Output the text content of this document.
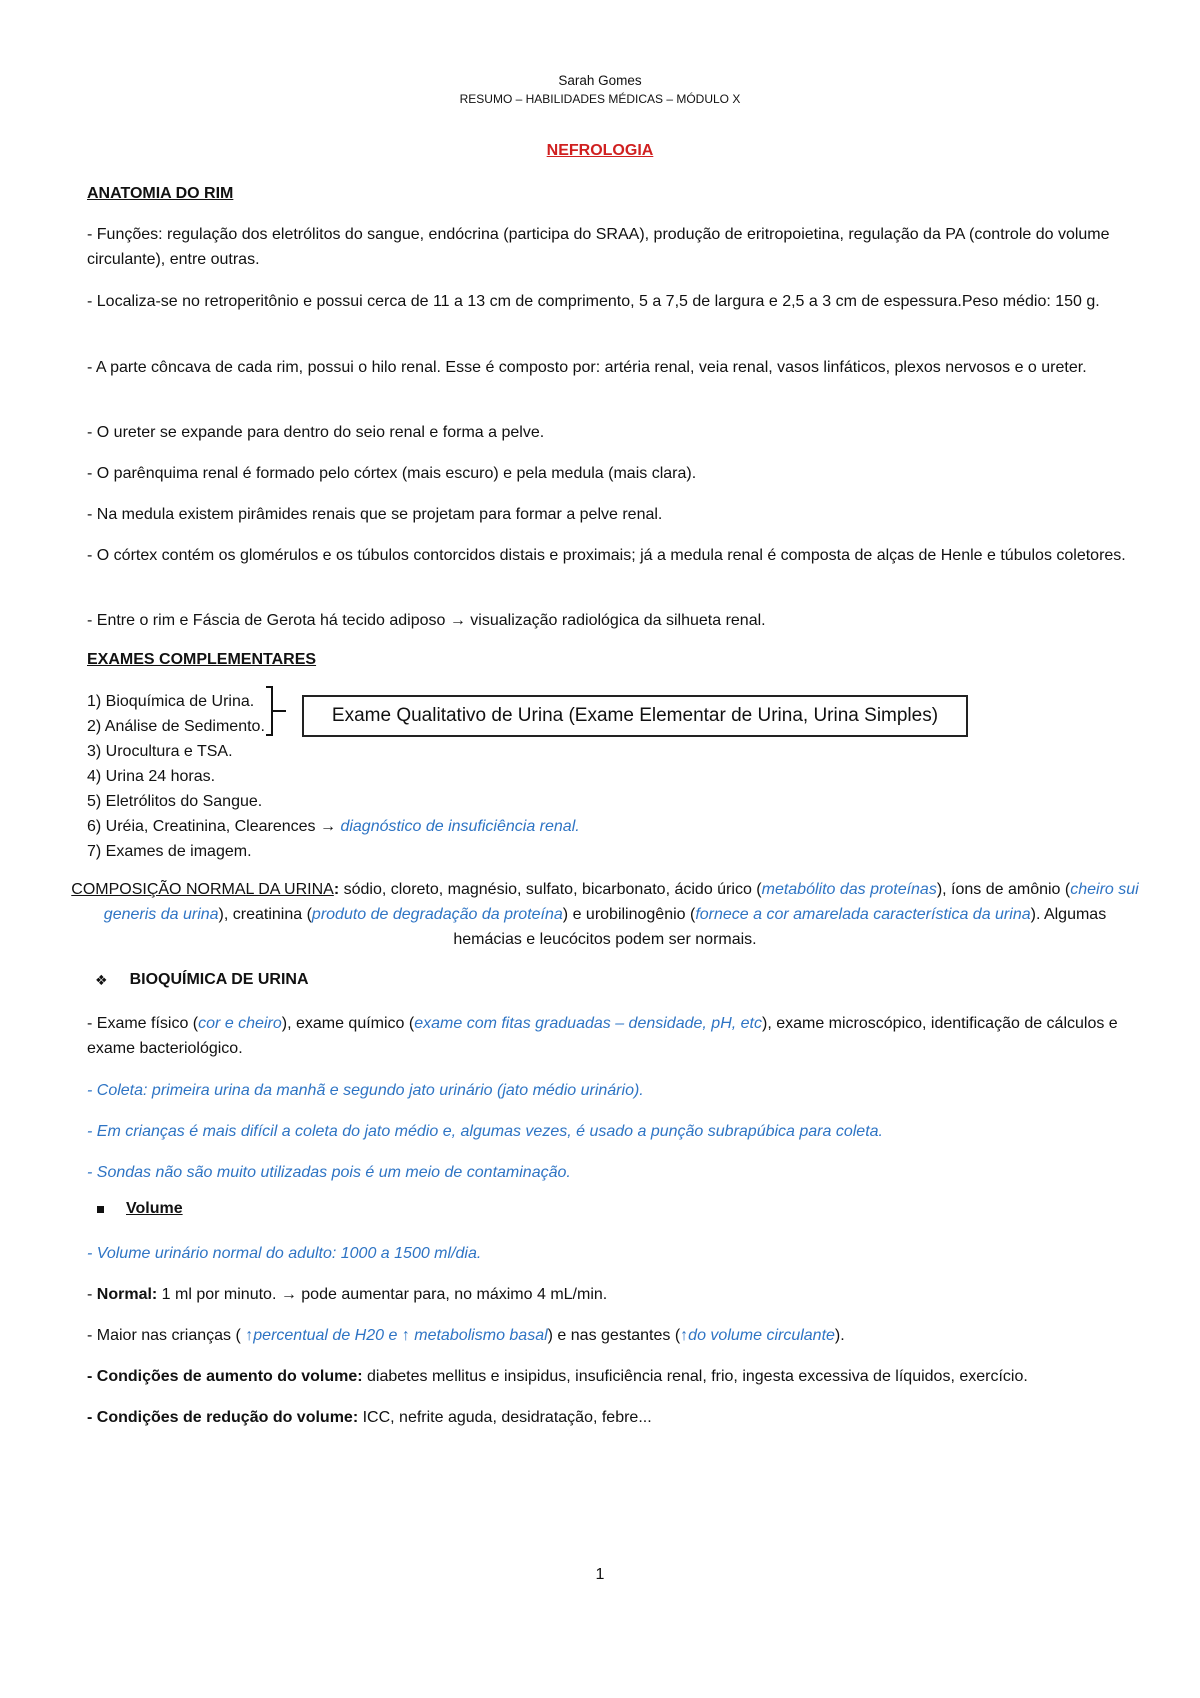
Sarah Gomes
RESUMO – HABILIDADES MÉDICAS – MÓDULO X
NEFROLOGIA
ANATOMIA DO RIM
- Funções: regulação dos eletrólitos do sangue, endócrina (participa do SRAA), produção de eritropoietina, regulação da PA (controle do volume circulante), entre outras.
- Localiza-se no retroperitônio e possui cerca de 11 a 13 cm de comprimento, 5 a 7,5 de largura e 2,5 a 3 cm de espessura.Peso médio: 150 g.
- A parte côncava de cada rim, possui o hilo renal. Esse é composto por: artéria renal, veia renal, vasos linfáticos, plexos nervosos e o ureter.
- O ureter se expande para dentro do seio renal e forma a pelve.
- O parênquima renal é formado pelo córtex (mais escuro) e pela medula (mais clara).
- Na medula existem pirâmides renais que se projetam para formar a pelve renal.
- O córtex contém os glomérulos e os túbulos contorcidos distais e proximais; já a medula renal é composta de alças de Henle e túbulos coletores.
- Entre o rim e Fáscia de Gerota há tecido adiposo → visualização radiológica da silhueta renal.
EXAMES COMPLEMENTARES
1) Bioquímica de Urina.
2) Análise de Sedimento.
3) Urocultura e TSA.
4) Urina 24 horas.
5) Eletrólitos do Sangue.
6) Uréia, Creatinina, Clearences → diagnóstico de insuficiência renal.
7) Exames de imagem.
Exame Qualitativo de Urina (Exame Elementar de Urina, Urina Simples)
COMPOSIÇÃO NORMAL DA URINA: sódio, cloreto, magnésio, sulfato, bicarbonato, ácido úrico (metabólito das proteínas), íons de amônio (cheiro sui generis da urina), creatinina (produto de degradação da proteína) e urobilinogênio (fornece a cor amarelada característica da urina). Algumas hemácias e leucócitos podem ser normais.
❖ BIOQUÍMICA DE URINA
- Exame físico (cor e cheiro), exame químico (exame com fitas graduadas – densidade, pH, etc), exame microscópico, identificação de cálculos e exame bacteriológico.
- Coleta: primeira urina da manhã e segundo jato urinário (jato médio urinário).
- Em crianças é mais difícil a coleta do jato médio e, algumas vezes, é usado a punção subrapúbica para coleta.
- Sondas não são muito utilizadas pois é um meio de contaminação.
Volume
- Volume urinário normal do adulto: 1000 a 1500 ml/dia.
- Normal: 1 ml por minuto. → pode aumentar para, no máximo 4 mL/min.
- Maior nas crianças ( ↑percentual de H20 e ↑ metabolismo basal) e nas gestantes (↑do volume circulante).
- Condições de aumento do volume: diabetes mellitus e insipidus, insuficiência renal, frio, ingesta excessiva de líquidos, exercício.
- Condições de redução do volume: ICC, nefrite aguda, desidratação, febre...
1
